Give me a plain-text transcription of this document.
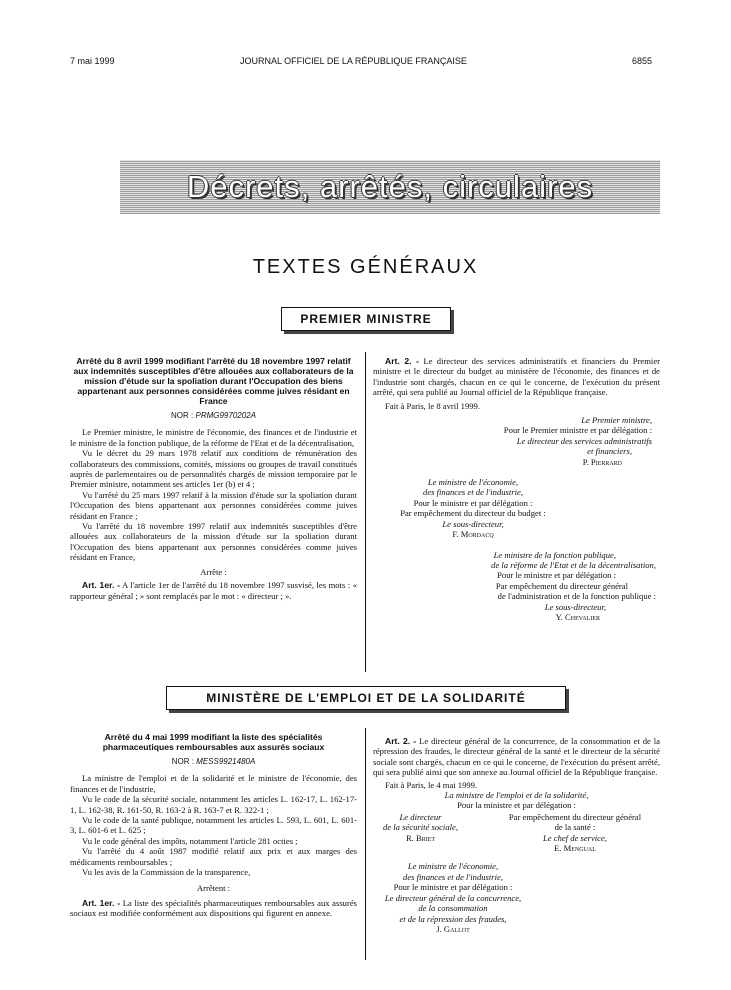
7 mai 1999	JOURNAL OFFICIEL DE LA RÉPUBLIQUE FRANÇAISE	6855
Décrets, arrêtés, circulaires
TEXTES GÉNÉRAUX
PREMIER MINISTRE
Arrêté du 8 avril 1999 modifiant l'arrêté du 18 novembre 1997 relatif aux indemnités susceptibles d'être allouées aux collaborateurs de la mission d'étude sur la spoliation durant l'Occupation des biens appartenant aux personnes considérées comme juives résidant en France
NOR : PRMG9970202A

Le Premier ministre, le ministre de l'économie, des finances et de l'industrie et le ministre de la fonction publique, de la réforme de l'Etat et de la décentralisation,

Vu le décret du 29 mars 1978 relatif aux conditions de rémunération des collaborateurs des commissions, comités, missions ou groupes de travail constitués auprès de parlementaires ou de personnalités chargés de mission temporaire par le Premier ministre, notamment ses articles 1er (b) et 4 ;

Vu l'arrêté du 25 mars 1997 relatif à la mission d'étude sur la spoliation durant l'Occupation des biens appartenant aux personnes considérées comme juives résidant en France ;

Vu l'arrêté du 18 novembre 1997 relatif aux indemnités susceptibles d'être allouées aux collaborateurs de la mission d'étude sur la spoliation durant l'Occupation des biens appartenant aux personnes considérées comme juives résidant en France,

Arrête :

Art. 1er. - A l'article 1er de l'arrêté du 18 novembre 1997 susvisé, les mots : « rapporteur général ; » sont remplacés par le mot : « directeur ; ».

Art. 2. - Le directeur des services administratifs et financiers du Premier ministre et le directeur du budget au ministère de l'économie, des finances et de l'industrie sont chargés, chacun en ce qui le concerne, de l'exécution du présent arrêté, qui sera publié au Journal officiel de la République française.

Fait à Paris, le 8 avril 1999.

Le Premier ministre,
Pour le Premier ministre et par délégation :
Le directeur des services administratifs
et financiers,
P. Pierrard
Le ministre de l'économie,
des finances et de l'industrie,
Pour le ministre et par délégation :
Par empêchement du directeur du budget :
Le sous-directeur,
F. Mordacq
Le ministre de la fonction publique,
de la réforme de l'Etat et de la décentralisation,
Pour le ministre et par délégation :
Par empêchement du directeur général
de l'administration et de la fonction publique :
Le sous-directeur,
Y. Chevalier
MINISTÈRE DE L'EMPLOI ET DE LA SOLIDARITÉ
Arrêté du 4 mai 1999 modifiant la liste des spécialités pharmaceutiques remboursables aux assurés sociaux
NOR : MESS9921480A

La ministre de l'emploi et de la solidarité et le ministre de l'économie, des finances et de l'industrie,

Vu le code de la sécurité sociale, notamment les articles L. 162-17, L. 162-17-1, L. 162-38, R. 161-50, R. 163-2 à R. 163-7 et R. 322-1 ;

Vu le code de la santé publique, notamment les articles L. 593, L. 601, L. 601-3, L. 601-6 et L. 625 ;

Vu le code général des impôts, notamment l'article 281 octies ;

Vu l'arrêté du 4 août 1987 modifié relatif aux prix et aux marges des médicaments remboursables ;

Vu les avis de la Commission de la transparence,

Arrêtent :

Art. 1er. - La liste des spécialités pharmaceutiques remboursables aux assurés sociaux est modifiée conformément aux dispositions qui figurent en annexe.

Art. 2. - Le directeur général de la concurrence, de la consommation et de la répression des fraudes, le directeur général de la santé et le directeur de la sécurité sociale sont chargés, chacun en ce qui le concerne, de l'exécution du présent arrêté, qui sera publié ainsi que son annexe au Journal officiel de la République française.

Fait à Paris, le 4 mai 1999.

La ministre de l'emploi et de la solidarité,
Pour la ministre et par délégation :
Le directeur
de la sécurité sociale,
R. Briet
Par empêchement du directeur général
de la santé :
Le chef de service,
E. Mengual
Le ministre de l'économie,
des finances et de l'industrie,
Pour le ministre et par délégation :
Le directeur général de la concurrence,
de la consommation
et de la répression des fraudes,
J. Gallot
